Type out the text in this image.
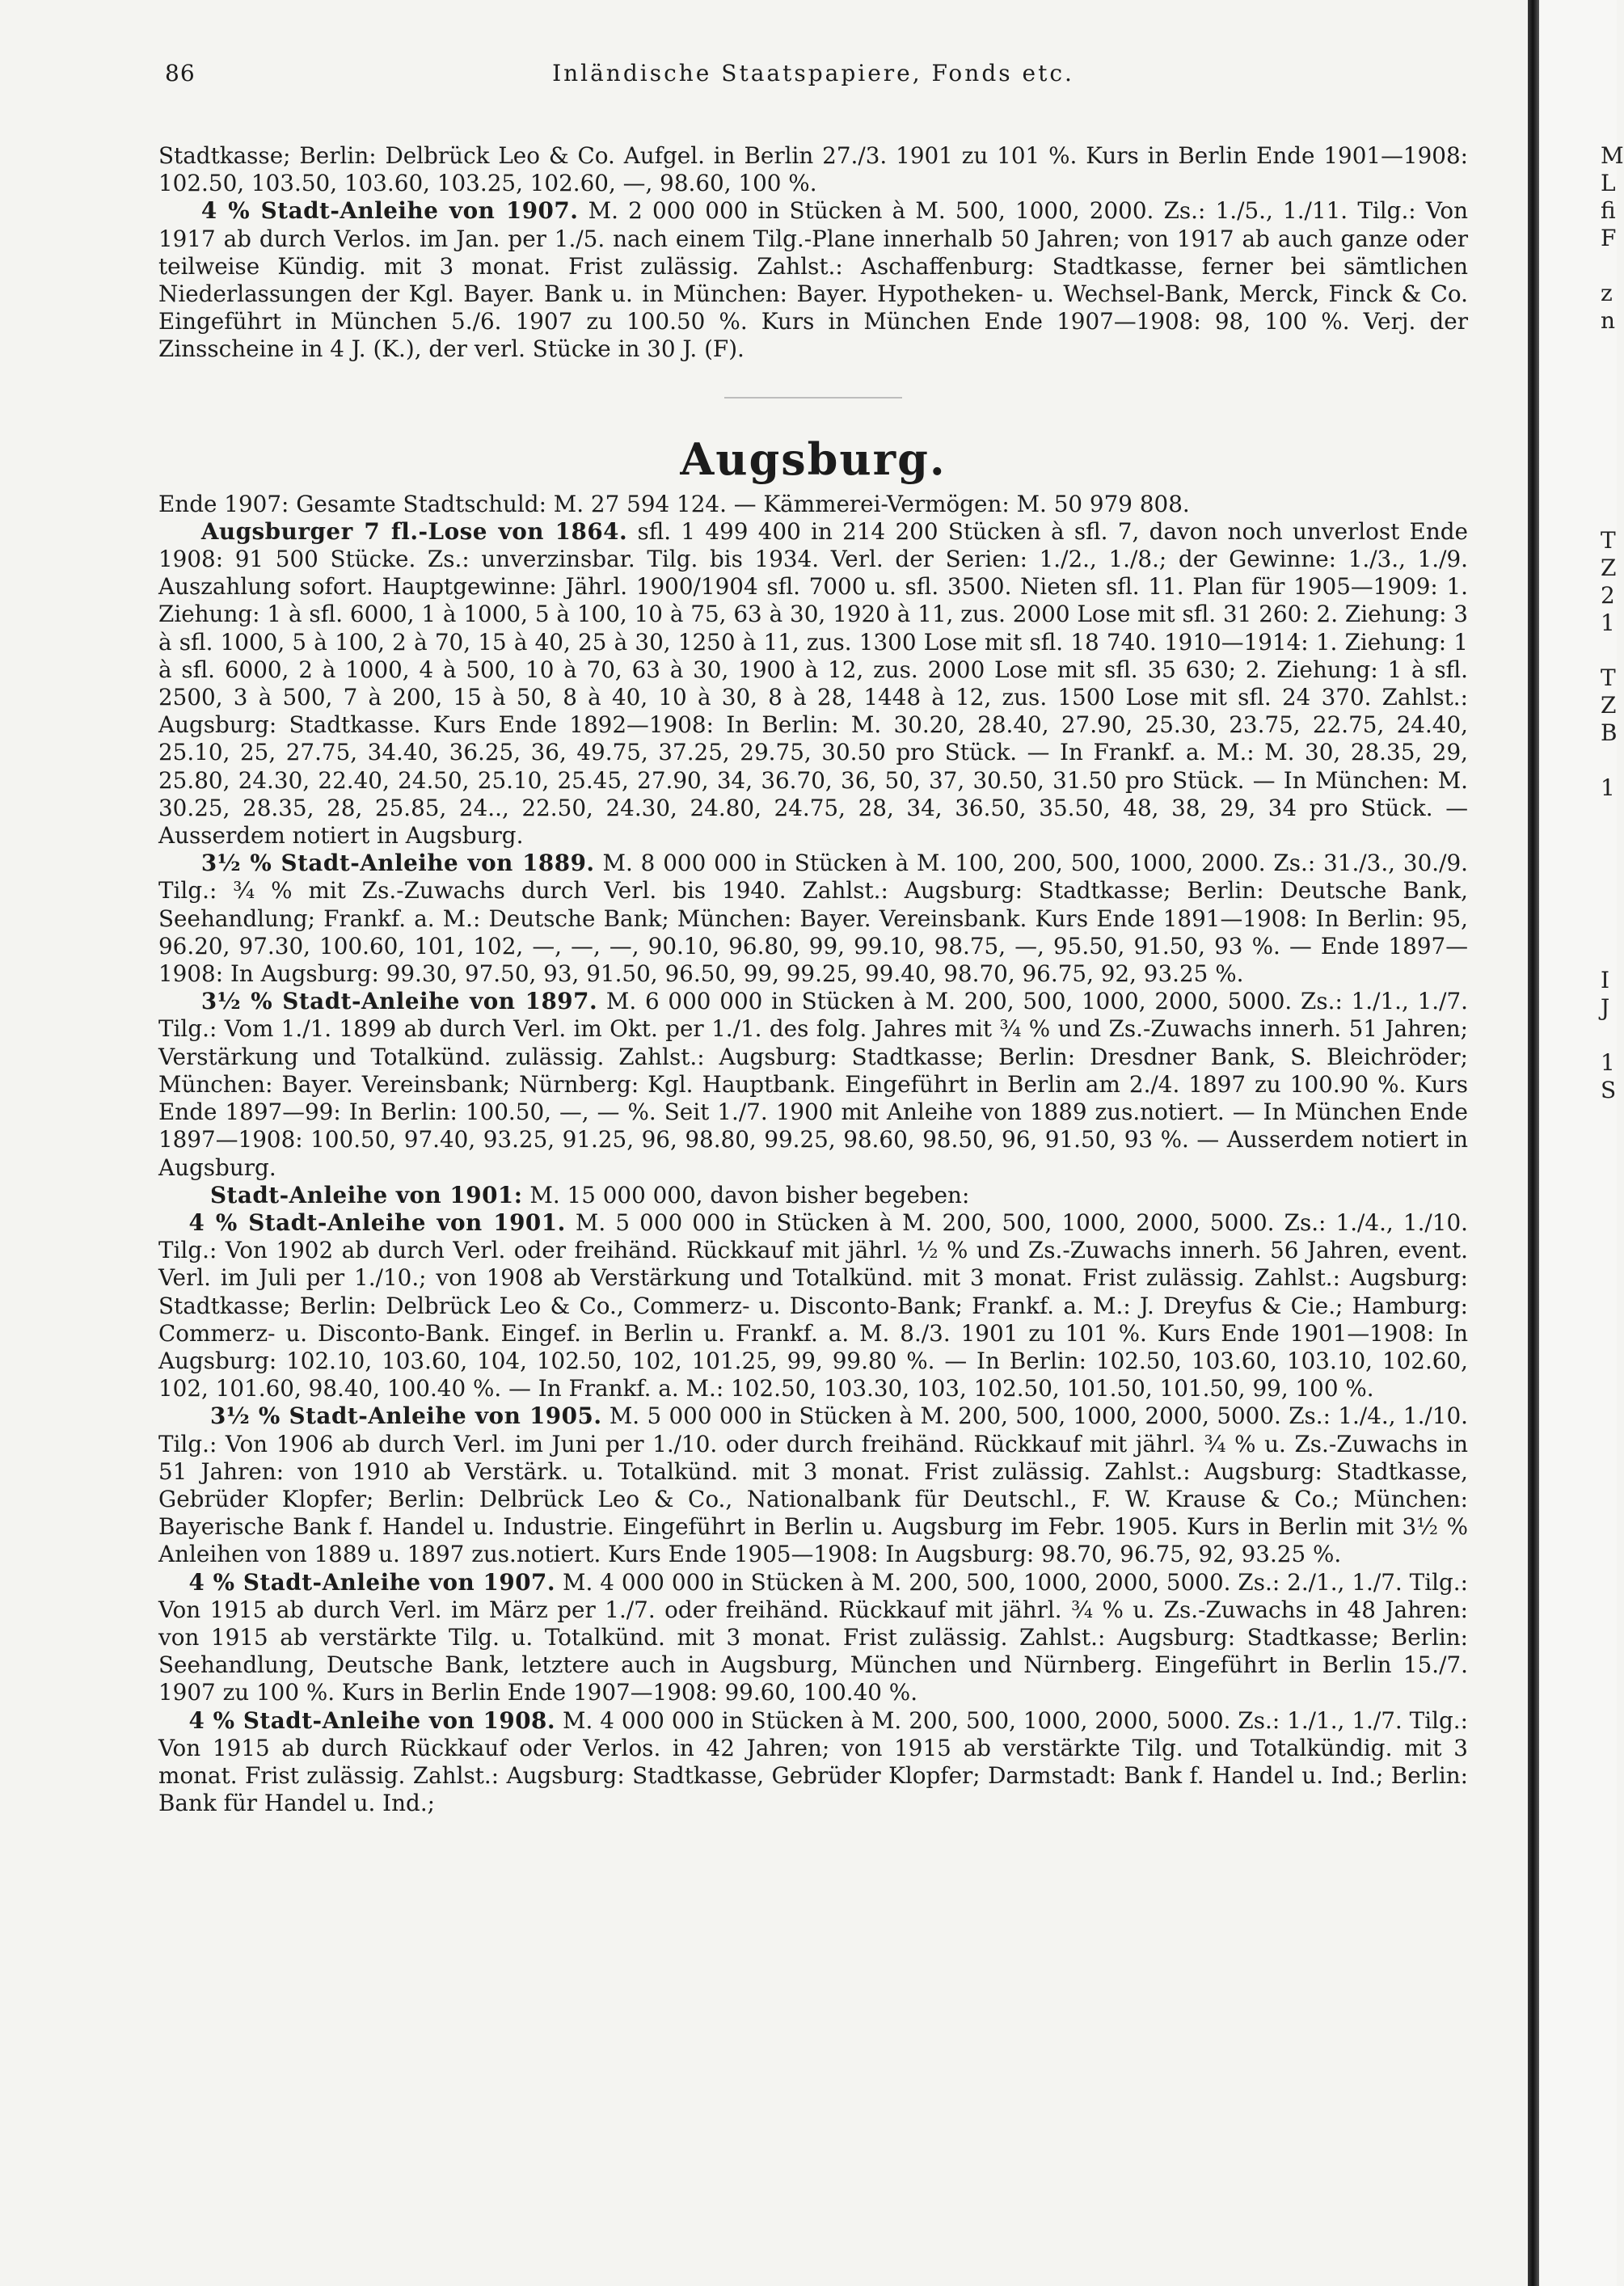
M
L
fi
F
z
n
T
Z
2
1
T
Z
B
1
I
J
1
S
86	Inländische Staatspapiere, Fonds etc.

Stadtkasse; Berlin: Delbrück Leo & Co. Aufgel. in Berlin 27./3. 1901 zu 101 %. Kurs in Berlin Ende 1901—1908: 102.50, 103.50, 103.60, 103.25, 102.60, —, 98.60, 100 %.

4 % Stadt-Anleihe von 1907. M. 2 000 000 in Stücken à M. 500, 1000, 2000. Zs.: 1./5., 1./11. Tilg.: Von 1917 ab durch Verlos. im Jan. per 1./5. nach einem Tilg.-Plane innerhalb 50 Jahren; von 1917 ab auch ganze oder teilweise Kündig. mit 3 monat. Frist zulässig. Zahlst.: Aschaffenburg: Stadtkasse, ferner bei sämtlichen Niederlassungen der Kgl. Bayer. Bank u. in München: Bayer. Hypotheken- u. Wechsel-Bank, Merck, Finck & Co. Eingeführt in München 5./6. 1907 zu 100.50 %. Kurs in München Ende 1907—1908: 98, 100 %. Verj. der Zinsscheine in 4 J. (K.), der verl. Stücke in 30 J. (F).

Augsburg.

Ende 1907: Gesamte Stadtschuld: M. 27 594 124. — Kämmerei-Vermögen: M. 50 979 808.

Augsburger 7 fl.-Lose von 1864. sfl. 1 499 400 in 214 200 Stücken à sfl. 7, davon noch unverlost Ende 1908: 91 500 Stücke. Zs.: unverzinsbar. Tilg. bis 1934. Verl. der Serien: 1./2., 1./8.; der Gewinne: 1./3., 1./9. Auszahlung sofort. Hauptgewinne: Jährl. 1900/1904 sfl. 7000 u. sfl. 3500. Nieten sfl. 11. Plan für 1905—1909: 1. Ziehung: 1 à sfl. 6000, 1 à 1000, 5 à 100, 10 à 75, 63 à 30, 1920 à 11, zus. 2000 Lose mit sfl. 31 260: 2. Ziehung: 3 à sfl. 1000, 5 à 100, 2 à 70, 15 à 40, 25 à 30, 1250 à 11, zus. 1300 Lose mit sfl. 18 740. 1910—1914: 1. Ziehung: 1 à sfl. 6000, 2 à 1000, 4 à 500, 10 à 70, 63 à 30, 1900 à 12, zus. 2000 Lose mit sfl. 35 630; 2. Ziehung: 1 à sfl. 2500, 3 à 500, 7 à 200, 15 à 50, 8 à 40, 10 à 30, 8 à 28, 1448 à 12, zus. 1500 Lose mit sfl. 24 370. Zahlst.: Augsburg: Stadtkasse. Kurs Ende 1892—1908: In Berlin: M. 30.20, 28.40, 27.90, 25.30, 23.75, 22.75, 24.40, 25.10, 25, 27.75, 34.40, 36.25, 36, 49.75, 37.25, 29.75, 30.50 pro Stück. — In Frankf. a. M.: M. 30, 28.35, 29, 25.80, 24.30, 22.40, 24.50, 25.10, 25.45, 27.90, 34, 36.70, 36, 50, 37, 30.50, 31.50 pro Stück. — In München: M. 30.25, 28.35, 28, 25.85, 24.., 22.50, 24.30, 24.80, 24.75, 28, 34, 36.50, 35.50, 48, 38, 29, 34 pro Stück. — Ausserdem notiert in Augsburg.

3½ % Stadt-Anleihe von 1889. M. 8 000 000 in Stücken à M. 100, 200, 500, 1000, 2000. Zs.: 31./3., 30./9. Tilg.: ¾ % mit Zs.-Zuwachs durch Verl. bis 1940. Zahlst.: Augsburg: Stadtkasse; Berlin: Deutsche Bank, Seehandlung; Frankf. a. M.: Deutsche Bank; München: Bayer. Vereinsbank. Kurs Ende 1891—1908: In Berlin: 95, 96.20, 97.30, 100.60, 101, 102, —, —, —, 90.10, 96.80, 99, 99.10, 98.75, —, 95.50, 91.50, 93 %. — Ende 1897—1908: In Augsburg: 99.30, 97.50, 93, 91.50, 96.50, 99, 99.25, 99.40, 98.70, 96.75, 92, 93.25 %.

3½ % Stadt-Anleihe von 1897. M. 6 000 000 in Stücken à M. 200, 500, 1000, 2000, 5000. Zs.: 1./1., 1./7. Tilg.: Vom 1./1. 1899 ab durch Verl. im Okt. per 1./1. des folg. Jahres mit ¾ % und Zs.-Zuwachs innerh. 51 Jahren; Verstärkung und Totalkünd. zulässig. Zahlst.: Augsburg: Stadtkasse; Berlin: Dresdner Bank, S. Bleichröder; München: Bayer. Vereinsbank; Nürnberg: Kgl. Hauptbank. Eingeführt in Berlin am 2./4. 1897 zu 100.90 %. Kurs Ende 1897—99: In Berlin: 100.50, —, — %. Seit 1./7. 1900 mit Anleihe von 1889 zus.notiert. — In München Ende 1897—1908: 100.50, 97.40, 93.25, 91.25, 96, 98.80, 99.25, 98.60, 98.50, 96, 91.50, 93 %. — Ausserdem notiert in Augsburg.

Stadt-Anleihe von 1901: M. 15 000 000, davon bisher begeben:

4 % Stadt-Anleihe von 1901. M. 5 000 000 in Stücken à M. 200, 500, 1000, 2000, 5000. Zs.: 1./4., 1./10. Tilg.: Von 1902 ab durch Verl. oder freihänd. Rückkauf mit jährl. ½ % und Zs.-Zuwachs innerh. 56 Jahren, event. Verl. im Juli per 1./10.; von 1908 ab Verstärkung und Totalkünd. mit 3 monat. Frist zulässig. Zahlst.: Augsburg: Stadtkasse; Berlin: Delbrück Leo & Co., Commerz- u. Disconto-Bank; Frankf. a. M.: J. Dreyfus & Cie.; Hamburg: Commerz- u. Disconto-Bank. Eingef. in Berlin u. Frankf. a. M. 8./3. 1901 zu 101 %. Kurs Ende 1901—1908: In Augsburg: 102.10, 103.60, 104, 102.50, 102, 101.25, 99, 99.80 %. — In Berlin: 102.50, 103.60, 103.10, 102.60, 102, 101.60, 98.40, 100.40 %. — In Frankf. a. M.: 102.50, 103.30, 103, 102.50, 101.50, 101.50, 99, 100 %.

3½ % Stadt-Anleihe von 1905. M. 5 000 000 in Stücken à M. 200, 500, 1000, 2000, 5000. Zs.: 1./4., 1./10. Tilg.: Von 1906 ab durch Verl. im Juni per 1./10. oder durch freihänd. Rückkauf mit jährl. ¾ % u. Zs.-Zuwachs in 51 Jahren: von 1910 ab Verstärk. u. Totalkünd. mit 3 monat. Frist zulässig. Zahlst.: Augsburg: Stadtkasse, Gebrüder Klopfer; Berlin: Delbrück Leo & Co., Nationalbank für Deutschl., F. W. Krause & Co.; München: Bayerische Bank f. Handel u. Industrie. Eingeführt in Berlin u. Augsburg im Febr. 1905. Kurs in Berlin mit 3½ % Anleihen von 1889 u. 1897 zus.notiert. Kurs Ende 1905—1908: In Augsburg: 98.70, 96.75, 92, 93.25 %.

4 % Stadt-Anleihe von 1907. M. 4 000 000 in Stücken à M. 200, 500, 1000, 2000, 5000. Zs.: 2./1., 1./7. Tilg.: Von 1915 ab durch Verl. im März per 1./7. oder freihänd. Rückkauf mit jährl. ¾ % u. Zs.-Zuwachs in 48 Jahren: von 1915 ab verstärkte Tilg. u. Totalkünd. mit 3 monat. Frist zulässig. Zahlst.: Augsburg: Stadtkasse; Berlin: Seehandlung, Deutsche Bank, letztere auch in Augsburg, München und Nürnberg. Eingeführt in Berlin 15./7. 1907 zu 100 %. Kurs in Berlin Ende 1907—1908: 99.60, 100.40 %.

4 % Stadt-Anleihe von 1908. M. 4 000 000 in Stücken à M. 200, 500, 1000, 2000, 5000. Zs.: 1./1., 1./7. Tilg.: Von 1915 ab durch Rückkauf oder Verlos. in 42 Jahren; von 1915 ab verstärkte Tilg. und Totalkündig. mit 3 monat. Frist zulässig. Zahlst.: Augsburg: Stadtkasse, Gebrüder Klopfer; Darmstadt: Bank f. Handel u. Ind.; Berlin: Bank für Handel u. Ind.;
